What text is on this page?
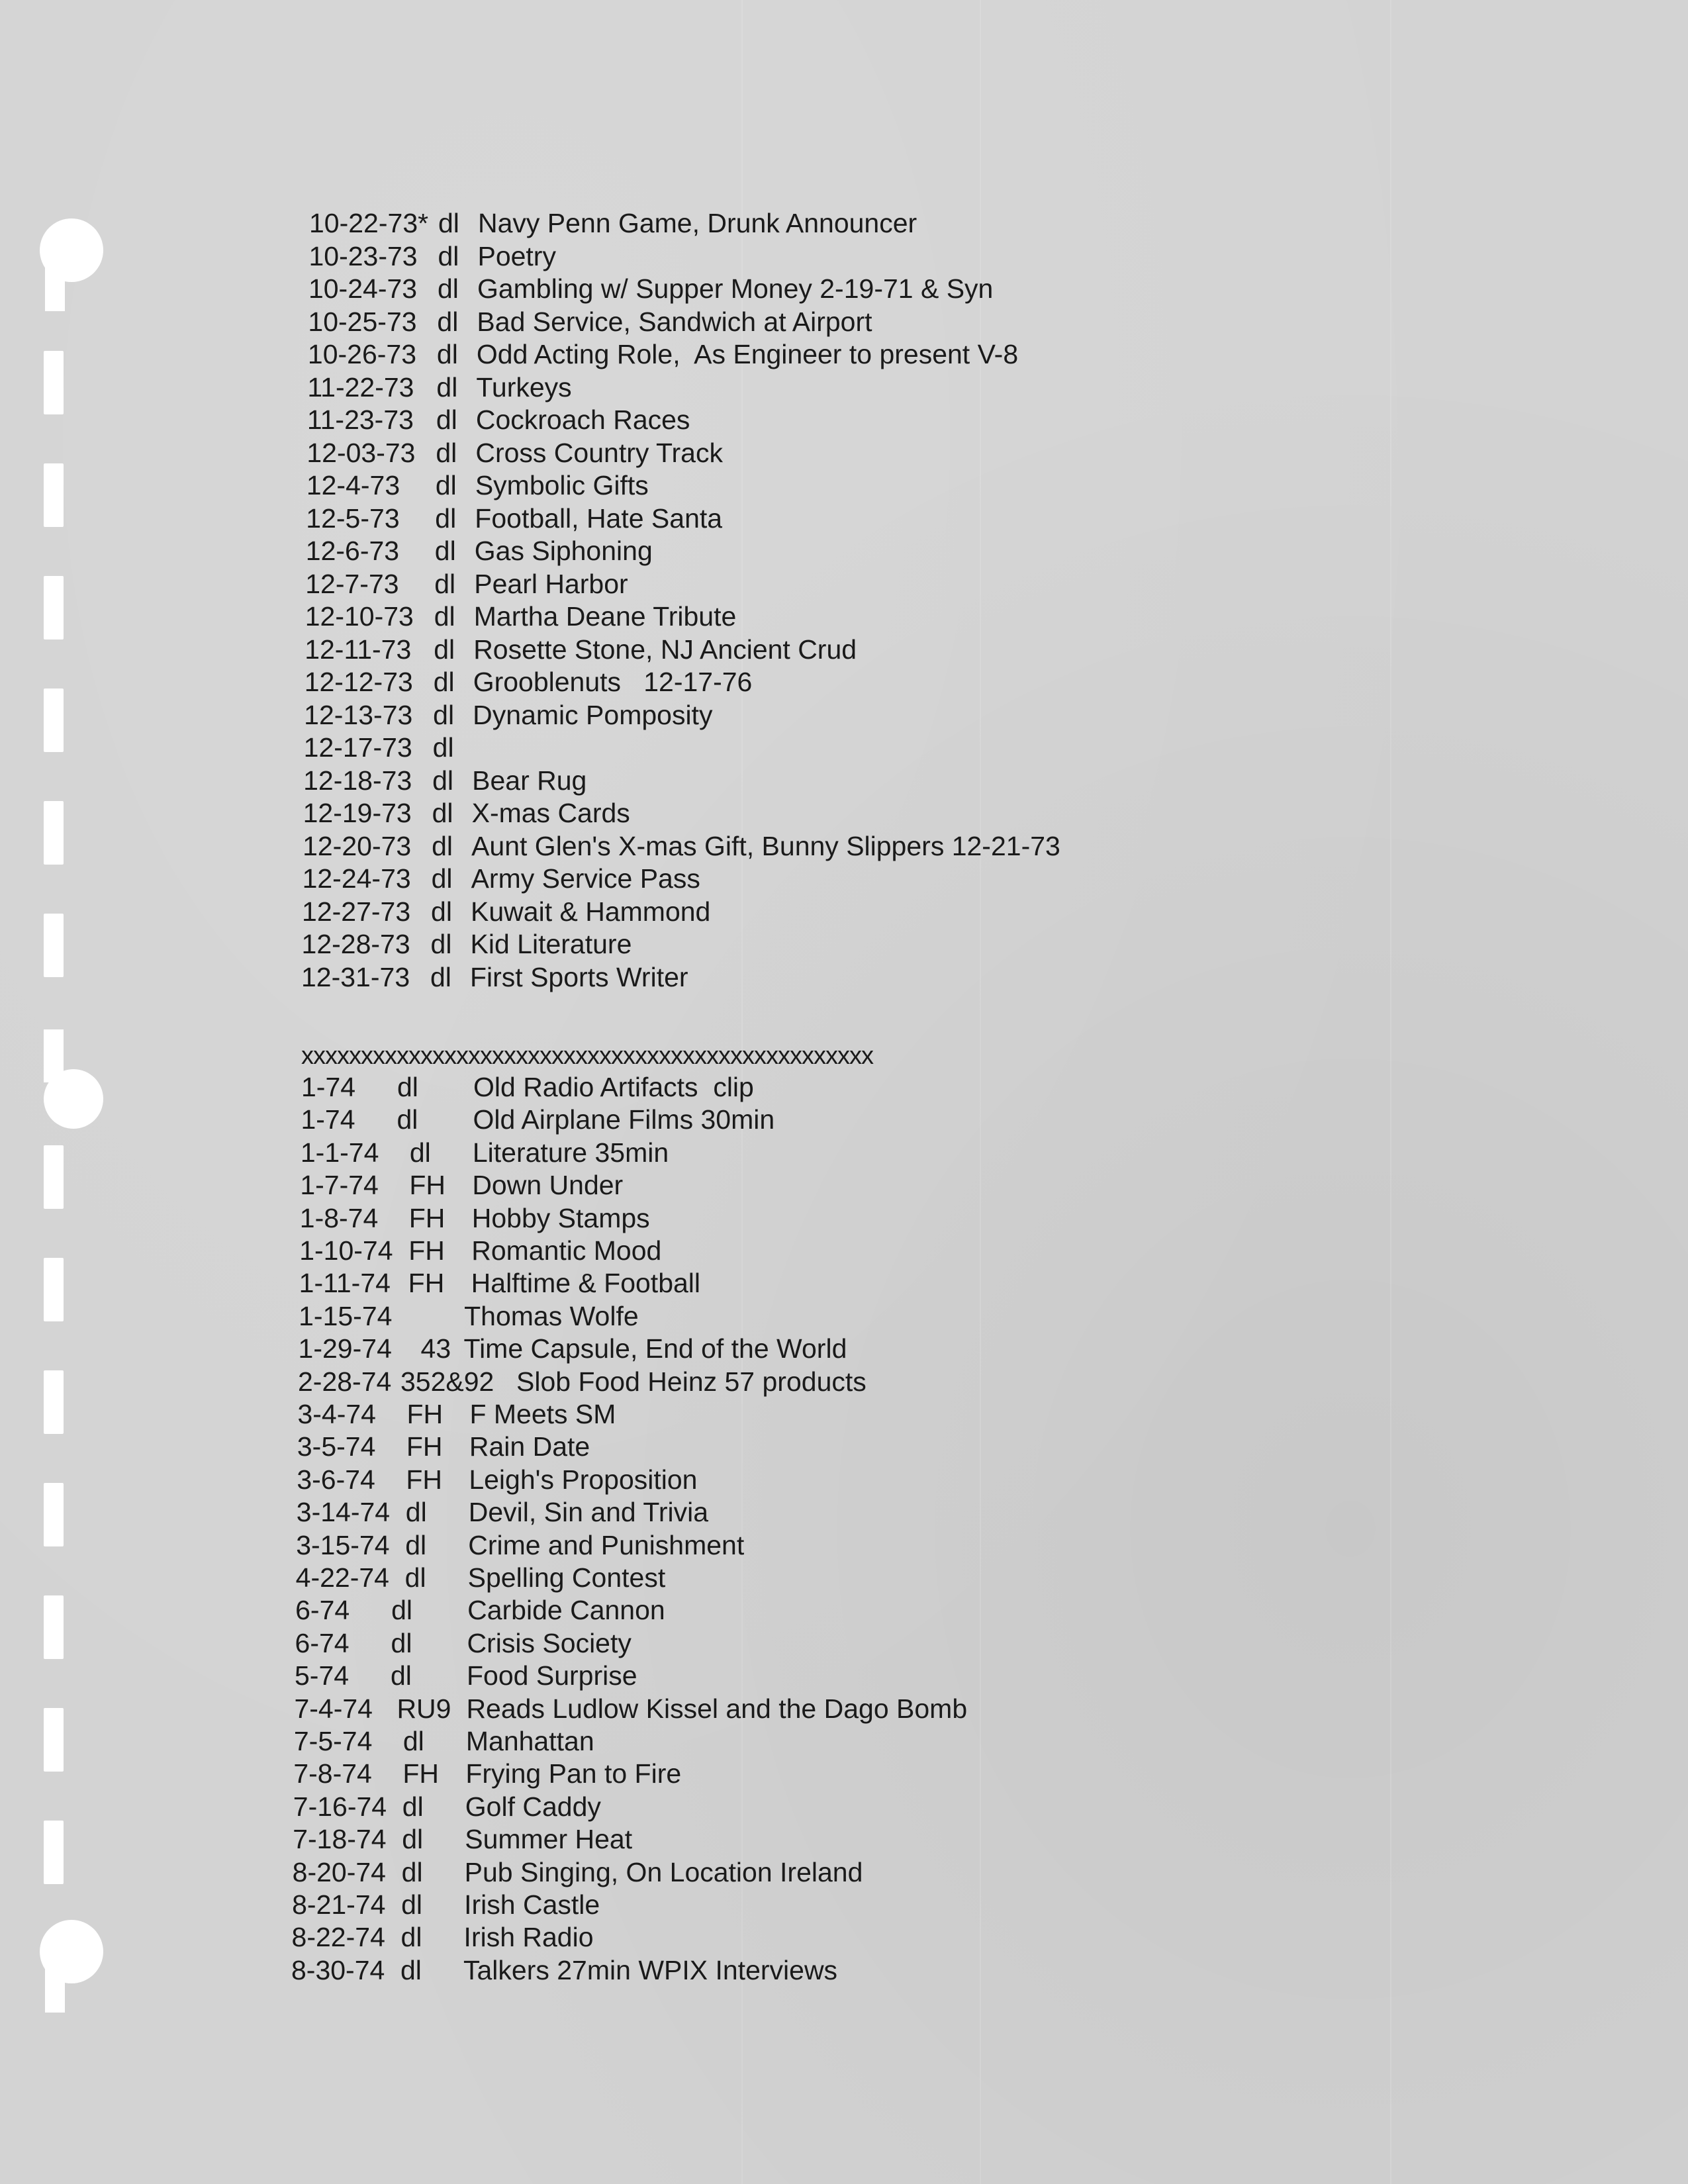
10-22-73* dl Navy Penn Game, Drunk Announcer
10-23-73 dl Poetry
10-24-73 dl Gambling w/ Supper Money 2-19-71 & Syn
10-25-73 dl Bad Service, Sandwich at Airport
10-26-73 dl Odd Acting Role,  As Engineer to present V-8
11-22-73 dl Turkeys
11-23-73 dl Cockroach Races
12-03-73 dl Cross Country Track
12-4-73 dl Symbolic Gifts
12-5-73 dl Football, Hate Santa
12-6-73 dl Gas Siphoning
12-7-73 dl Pearl Harbor
12-10-73 dl Martha Deane Tribute
12-11-73 dl Rosette Stone, NJ Ancient Crud
12-12-73 dl Grooblenuts   12-17-76
12-13-73 dl Dynamic Pomposity
12-17-73 dl
12-18-73 dl Bear Rug
12-19-73 dl X-mas Cards
12-20-73 dl Aunt Glen's X-mas Gift, Bunny Slippers 12-21-73
12-24-73 dl Army Service Pass
12-27-73 dl Kuwait & Hammond
12-28-73 dl Kid Literature
12-31-73 dl First Sports Writer
1-74 dl Old Radio Artifacts  clip
1-74 dl Old Airplane Films 30min
1-1-74 dl Literature 35min
1-7-74 FH Down Under
1-8-74 FH Hobby Stamps
1-10-74 FH Romantic Mood
1-11-74 FH Halftime & Football
1-15-74	Thomas Wolfe
1-29-74 43 Time Capsule, End of the World
2-28-74 352&92 Slob Food Heinz 57 products
3-4-74 FH F Meets SM
3-5-74 FH Rain Date
3-6-74 FH Leigh's Proposition
3-14-74 dl Devil, Sin and Trivia
3-15-74 dl Crime and Punishment
4-22-74 dl Spelling Contest
6-74 dl Carbide Cannon
6-74 dl Crisis Society
5-74 dl Food Surprise
7-4-74 RU9 Reads Ludlow Kissel and the Dago Bomb
7-5-74 dl Manhattan
7-8-74 FH Frying Pan to Fire
7-16-74 dl Golf Caddy
7-18-74 dl Summer Heat
8-20-74 dl Pub Singing, On Location Ireland
8-21-74 dl Irish Castle
8-22-74 dl Irish Radio
8-30-74 dl Talkers 27min WPIX Interviews
xxxxxxxxxxxxxxxxxxxxxxxxxxxxxxxxxxxxxxxxxxxxxxxx
